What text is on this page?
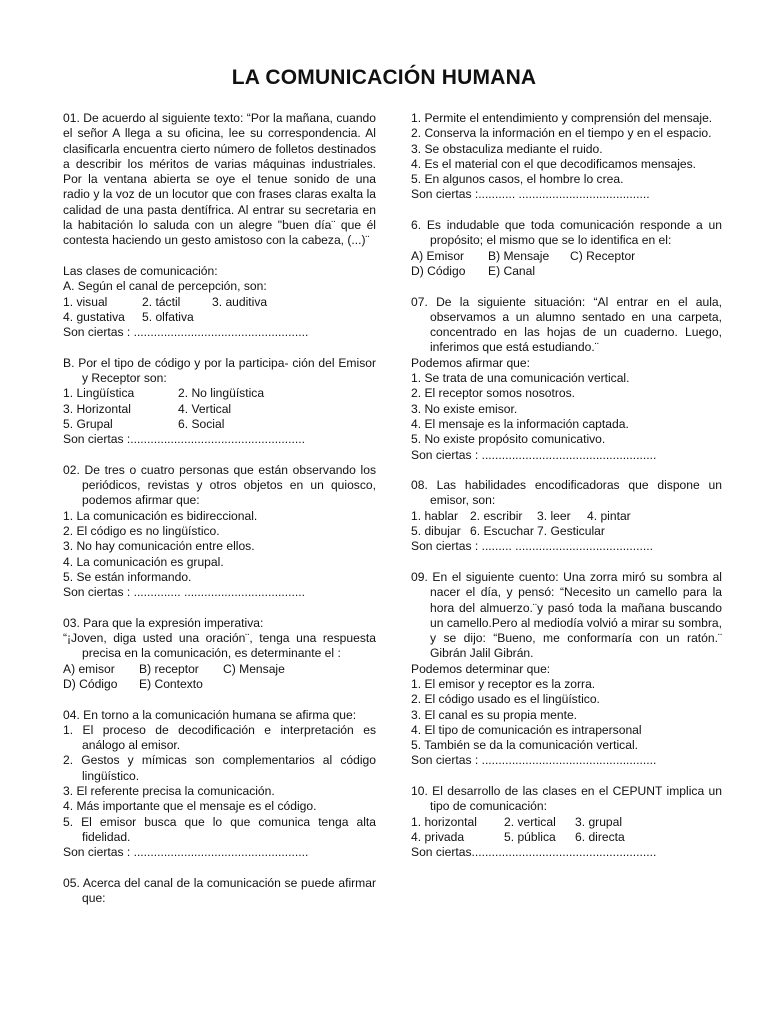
LA COMUNICACIÓN HUMANA

01. De acuerdo al siguiente texto: “Por la mañana, cuando el señor A llega a su oficina, lee su correspondencia. Al clasificarla encuentra cierto número de folletos destinados a describir los méritos de varias máquinas industriales. Por la ventana abierta se oye el tenue sonido de una radio y la voz de un locutor que con frases claras exalta la calidad de una pasta dentífrica. Al entrar su secretaria en la habitación lo saluda con un alegre "buen día¨ que él contesta haciendo un gesto amistoso con la cabeza, (...)¨

Las clases de comunicación:

A. Según el canal de percepción, son:

1. visual	2. táctil	3. auditiva
4. gustativa	5. olfativa

Son ciertas : ....................................................

B. Por el tipo de código y por la participa- ción del Emisor y Receptor son:

1. Lingüística	2. No lingüística
3. Horizontal	4. Vertical
5. Grupal	6. Social

Son ciertas :....................................................

02. De tres o cuatro personas que están observando los periódicos, revistas y otros objetos en un quiosco, podemos afirmar que:

1. La comunicación es bidireccional.

2. El código es no lingüístico.

3. No hay comunicación entre ellos.

4. La comunicación es grupal.

5. Se están informando.

Son ciertas : .............. ....................................

03. Para que la expresión imperativa:

“¡Joven, diga usted una oración¨, tenga una respuesta precisa en la comunicación, es determinante el :

A) emisor	B) receptor	C) Mensaje
D) Código	E) Contexto

04. En torno a la comunicación humana se afirma que:

1. El proceso de decodificación e interpretación es análogo al emisor.

2. Gestos y mímicas son complementarios al código lingüístico.

3. El referente precisa la comunicación.

4. Más importante que el mensaje es el código.

5. El emisor busca que lo que comunica tenga alta fidelidad.

Son ciertas : ....................................................

05. Acerca del canal de la comunicación se puede afirmar que:

1. Permite el entendimiento y comprensión del mensaje.

2. Conserva la información en el tiempo y en el espacio.

3. Se obstaculiza mediante el ruido.

4. Es el material con el que decodificamos mensajes.

5. En algunos casos, el hombre lo crea.

Son ciertas :........... .......................................

6. Es indudable que toda comunicación responde a un propósito; el mismo que se lo identifica en el:

A) Emisor	B) Mensaje	C) Receptor
D) Código	E) Canal

07. De la siguiente situación: “Al entrar en el aula, observamos a un alumno sentado en una carpeta, concentrado en las hojas de un cuaderno. Luego, inferimos que está estudiando.¨

Podemos afirmar que:

1. Se trata de una comunicación vertical.

2. El receptor somos nosotros.

3. No existe emisor.

4. El mensaje es la información captada.

5. No existe propósito comunicativo.

Son ciertas : ....................................................

08. Las habilidades encodificadoras que dispone un emisor, son:

1. hablar 2. escribir	3. leer	4. pintar
5. dibujar 6. Escuchar 7. Gesticular

Son ciertas : ......... .........................................

09. En el siguiente cuento: Una zorra miró su sombra al nacer el día, y pensó: “Necesito un camello para la hora del almuerzo.¨y pasó toda la mañana buscando un camello.Pero al mediodía volvió a mirar su sombra, y se dijo: “Bueno, me conformaría con un ratón.¨ Gibrán Jalil Gibrán.

Podemos determinar que:

1. El emisor y receptor es la zorra.

2. El código usado es el lingüístico.

3. El canal es su propia mente.

4. El tipo de comunicación es intrapersonal

5. También se da la comunicación vertical.

Son ciertas : ....................................................

10. El desarrollo de las clases en el CEPUNT implica un tipo de comunicación:

1. horizontal	2. vertical	3. grupal
4. privada	5. pública	6. directa

Son ciertas.......................................................
